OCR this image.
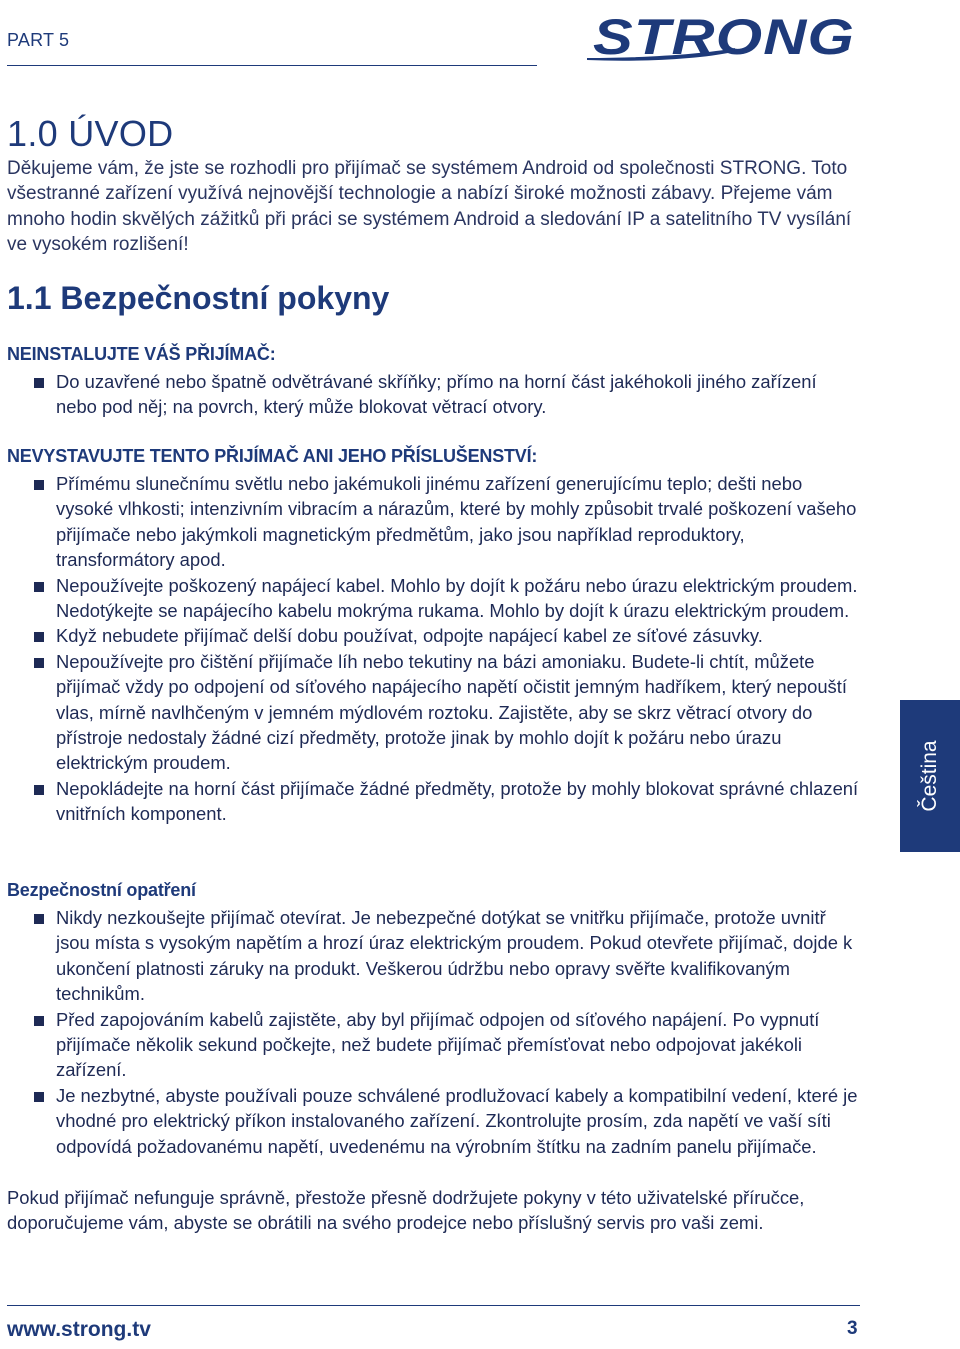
PART 5	STRONG
1.0 ÚVOD

Děkujeme vám, že jste se rozhodli pro přijímač se systémem Android od společnosti STRONG. Toto všestranné zařízení využívá nejnovější technologie a nabízí široké možnosti zábavy. Přejeme vám mnoho hodin skvělých zážitků při práci se systémem Android a sledování IP a satelitního TV vysílání ve vysokém rozlišení!

1.1 Bezpečnostní pokyny
NEINSTALUJTE VÁŠ PŘIJÍMAČ:
Do uzavřené nebo špatně odvětrávané skříňky; přímo na horní část jakéhokoli jiného zařízení nebo pod něj; na povrch, který může blokovat větrací otvory.
NEVYSTAVUJTE TENTO PŘIJÍMAČ ANI JEHO PŘÍSLUŠENSTVÍ:
Přímému slunečnímu světlu nebo jakémukoli jinému zařízení generujícímu teplo; dešti nebo vysoké vlhkosti; intenzivním vibracím a nárazům, které by mohly způsobit trvalé poškození vašeho přijímače nebo jakýmkoli magnetickým předmětům, jako jsou například reproduktory, transformátory apod.
Nepoužívejte poškozený napájecí kabel. Mohlo by dojít k požáru nebo úrazu elektrickým proudem. Nedotýkejte se napájecího kabelu mokrýma rukama. Mohlo by dojít k úrazu elektrickým proudem.
Když nebudete přijímač delší dobu používat, odpojte napájecí kabel ze síťové zásuvky.
Nepoužívejte pro čištění přijímače líh nebo tekutiny na bázi amoniaku. Budete-li chtít, můžete přijímač vždy po odpojení od síťového napájecího napětí očistit jemným hadříkem, který nepouští vlas, mírně navlhčeným v jemném mýdlovém roztoku. Zajistěte, aby se skrz větrací otvory do přístroje nedostaly žádné cizí předměty, protože jinak by mohlo dojít k požáru nebo úrazu elektrickým proudem.
Nepokládejte na horní část přijímače žádné předměty, protože by mohly blokovat správné chlazení vnitřních komponent.
Bezpečnostní opatření
Nikdy nezkoušejte přijímač otevírat. Je nebezpečné dotýkat se vnitřku přijímače, protože uvnitř jsou místa s vysokým napětím a hrozí úraz elektrickým proudem. Pokud otevřete přijímač, dojde k ukončení platnosti záruky na produkt. Veškerou údržbu nebo opravy svěřte kvalifikovaným technikům.
Před zapojováním kabelů zajistěte, aby byl přijímač odpojen od síťového napájení. Po vypnutí přijímače několik sekund počkejte, než budete přijímač přemísťovat nebo odpojovat jakékoli zařízení.
Je nezbytné, abyste používali pouze schválené prodlužovací kabely a kompatibilní vedení, které je vhodné pro elektrický příkon instalovaného zařízení. Zkontrolujte prosím, zda napětí ve vaší síti odpovídá požadovanému napětí, uvedenému na výrobním štítku na zadním panelu přijímače.

Pokud přijímač nefunguje správně, přestože přesně dodržujete pokyny v této uživatelské příručce, doporučujeme vám, abyste se obrátili na svého prodejce nebo příslušný servis pro vaši zemi.

Čeština
www.strong.tv	3
